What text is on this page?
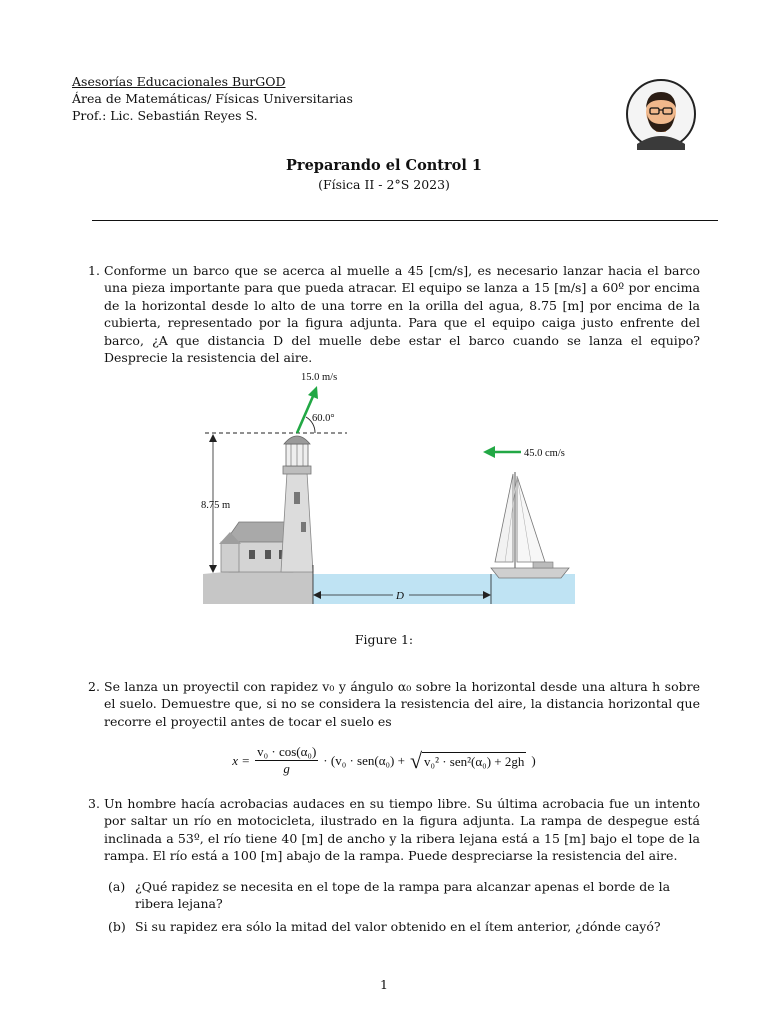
Asesorías Educacionales BurGOD
Área de Matemáticas/ Físicas Universitarias
Prof.: Lic. Sebastián Reyes S.
Preparando el Control 1
(Física II - 2°S 2023)
1. Conforme un barco que se acerca al muelle a 45 [cm/s], es necesario lanzar hacia el barco una pieza importante para que pueda atracar. El equipo se lanza a 15 [m/s] a 60º por encima de la horizontal desde lo alto de una torre en la orilla del agua, 8.75 [m] por encima de la cubierta, representado por la figura adjunta. Para que el equipo caiga justo enfrente del barco, ¿A que distancia D del muelle debe estar el barco cuando se lanza el equipo? Desprecie la resistencia del aire.
60.0°
15.0 m/s
8.75 m
45.0 cm/s
D
Figure 1:
2. Se lanza un proyectil con rapidez v₀ y ángulo α₀ sobre la horizontal desde una altura h sobre el suelo. Demuestre que, si no se considera la resistencia del aire, la distancia horizontal que recorre el proyectil antes de tocar el suelo es
$x = \frac{\text{v₀ · cos(α₀)}}{g} \cdot (v_0 \cdot sen(\alpha_0)$ + √ v₀² · sen²(α₀) + 2gh )
3. Un hombre hacía acrobacias audaces en su tiempo libre. Su última acrobacia fue un intento por saltar un río en motocicleta, ilustrado en la figura adjunta. La rampa de despegue está inclinada a 53º, el río tiene 40 [m] de ancho y la ribera lejana está a 15 [m] bajo el tope de la rampa. El río está a 100 [m] abajo de la rampa. Puede despreciarse la resistencia del aire.
(a) ¿Qué rapidez se necesita en el tope de la rampa para alcanzar apenas el borde de la ribera lejana?
(b) Si su rapidez era sólo la mitad del valor obtenido en el ítem anterior, ¿dónde cayó?
1
